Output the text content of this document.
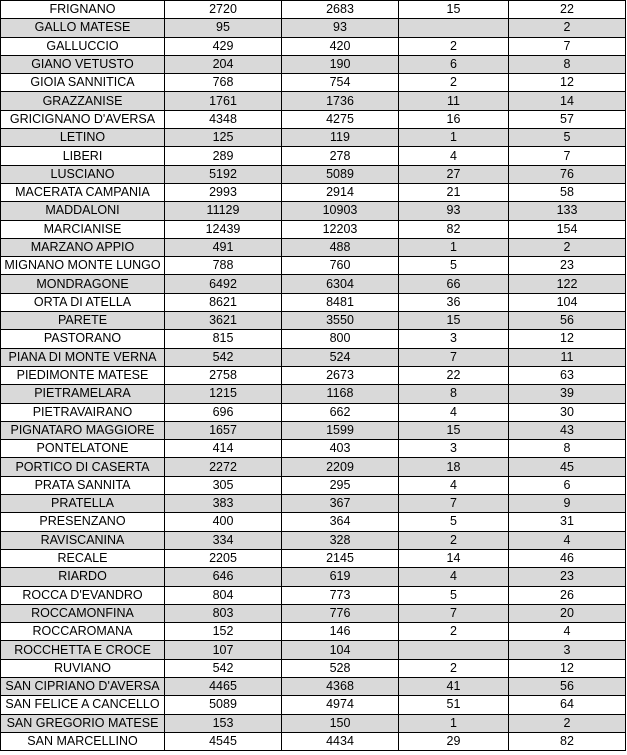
FRIGNANO	2720	2683	15	22
GALLO MATESE	95	93		2
GALLUCCIO	429	420	2	7
GIANO VETUSTO	204	190	6	8
GIOIA SANNITICA	768	754	2	12
GRAZZANISE	1761	1736	11	14
GRICIGNANO D'AVERSA	4348	4275	16	57
LETINO	125	119	1	5
LIBERI	289	278	4	7
LUSCIANO	5192	5089	27	76
MACERATA CAMPANIA	2993	2914	21	58
MADDALONI	11129	10903	93	133
MARCIANISE	12439	12203	82	154
MARZANO APPIO	491	488	1	2
MIGNANO MONTE LUNGO	788	760	5	23
MONDRAGONE	6492	6304	66	122
ORTA DI ATELLA	8621	8481	36	104
PARETE	3621	3550	15	56
PASTORANO	815	800	3	12
PIANA DI MONTE VERNA	542	524	7	11
PIEDIMONTE MATESE	2758	2673	22	63
PIETRAMELARA	1215	1168	8	39
PIETRAVAIRANO	696	662	4	30
PIGNATARO MAGGIORE	1657	1599	15	43
PONTELATONE	414	403	3	8
PORTICO DI CASERTA	2272	2209	18	45
PRATA SANNITA	305	295	4	6
PRATELLA	383	367	7	9
PRESENZANO	400	364	5	31
RAVISCANINA	334	328	2	4
RECALE	2205	2145	14	46
RIARDO	646	619	4	23
ROCCA D'EVANDRO	804	773	5	26
ROCCAMONFINA	803	776	7	20
ROCCAROMANA	152	146	2	4
ROCCHETTA E CROCE	107	104		3
RUVIANO	542	528	2	12
SAN CIPRIANO D'AVERSA	4465	4368	41	56
SAN FELICE A CANCELLO	5089	4974	51	64
SAN GREGORIO MATESE	153	150	1	2
SAN MARCELLINO	4545	4434	29	82
